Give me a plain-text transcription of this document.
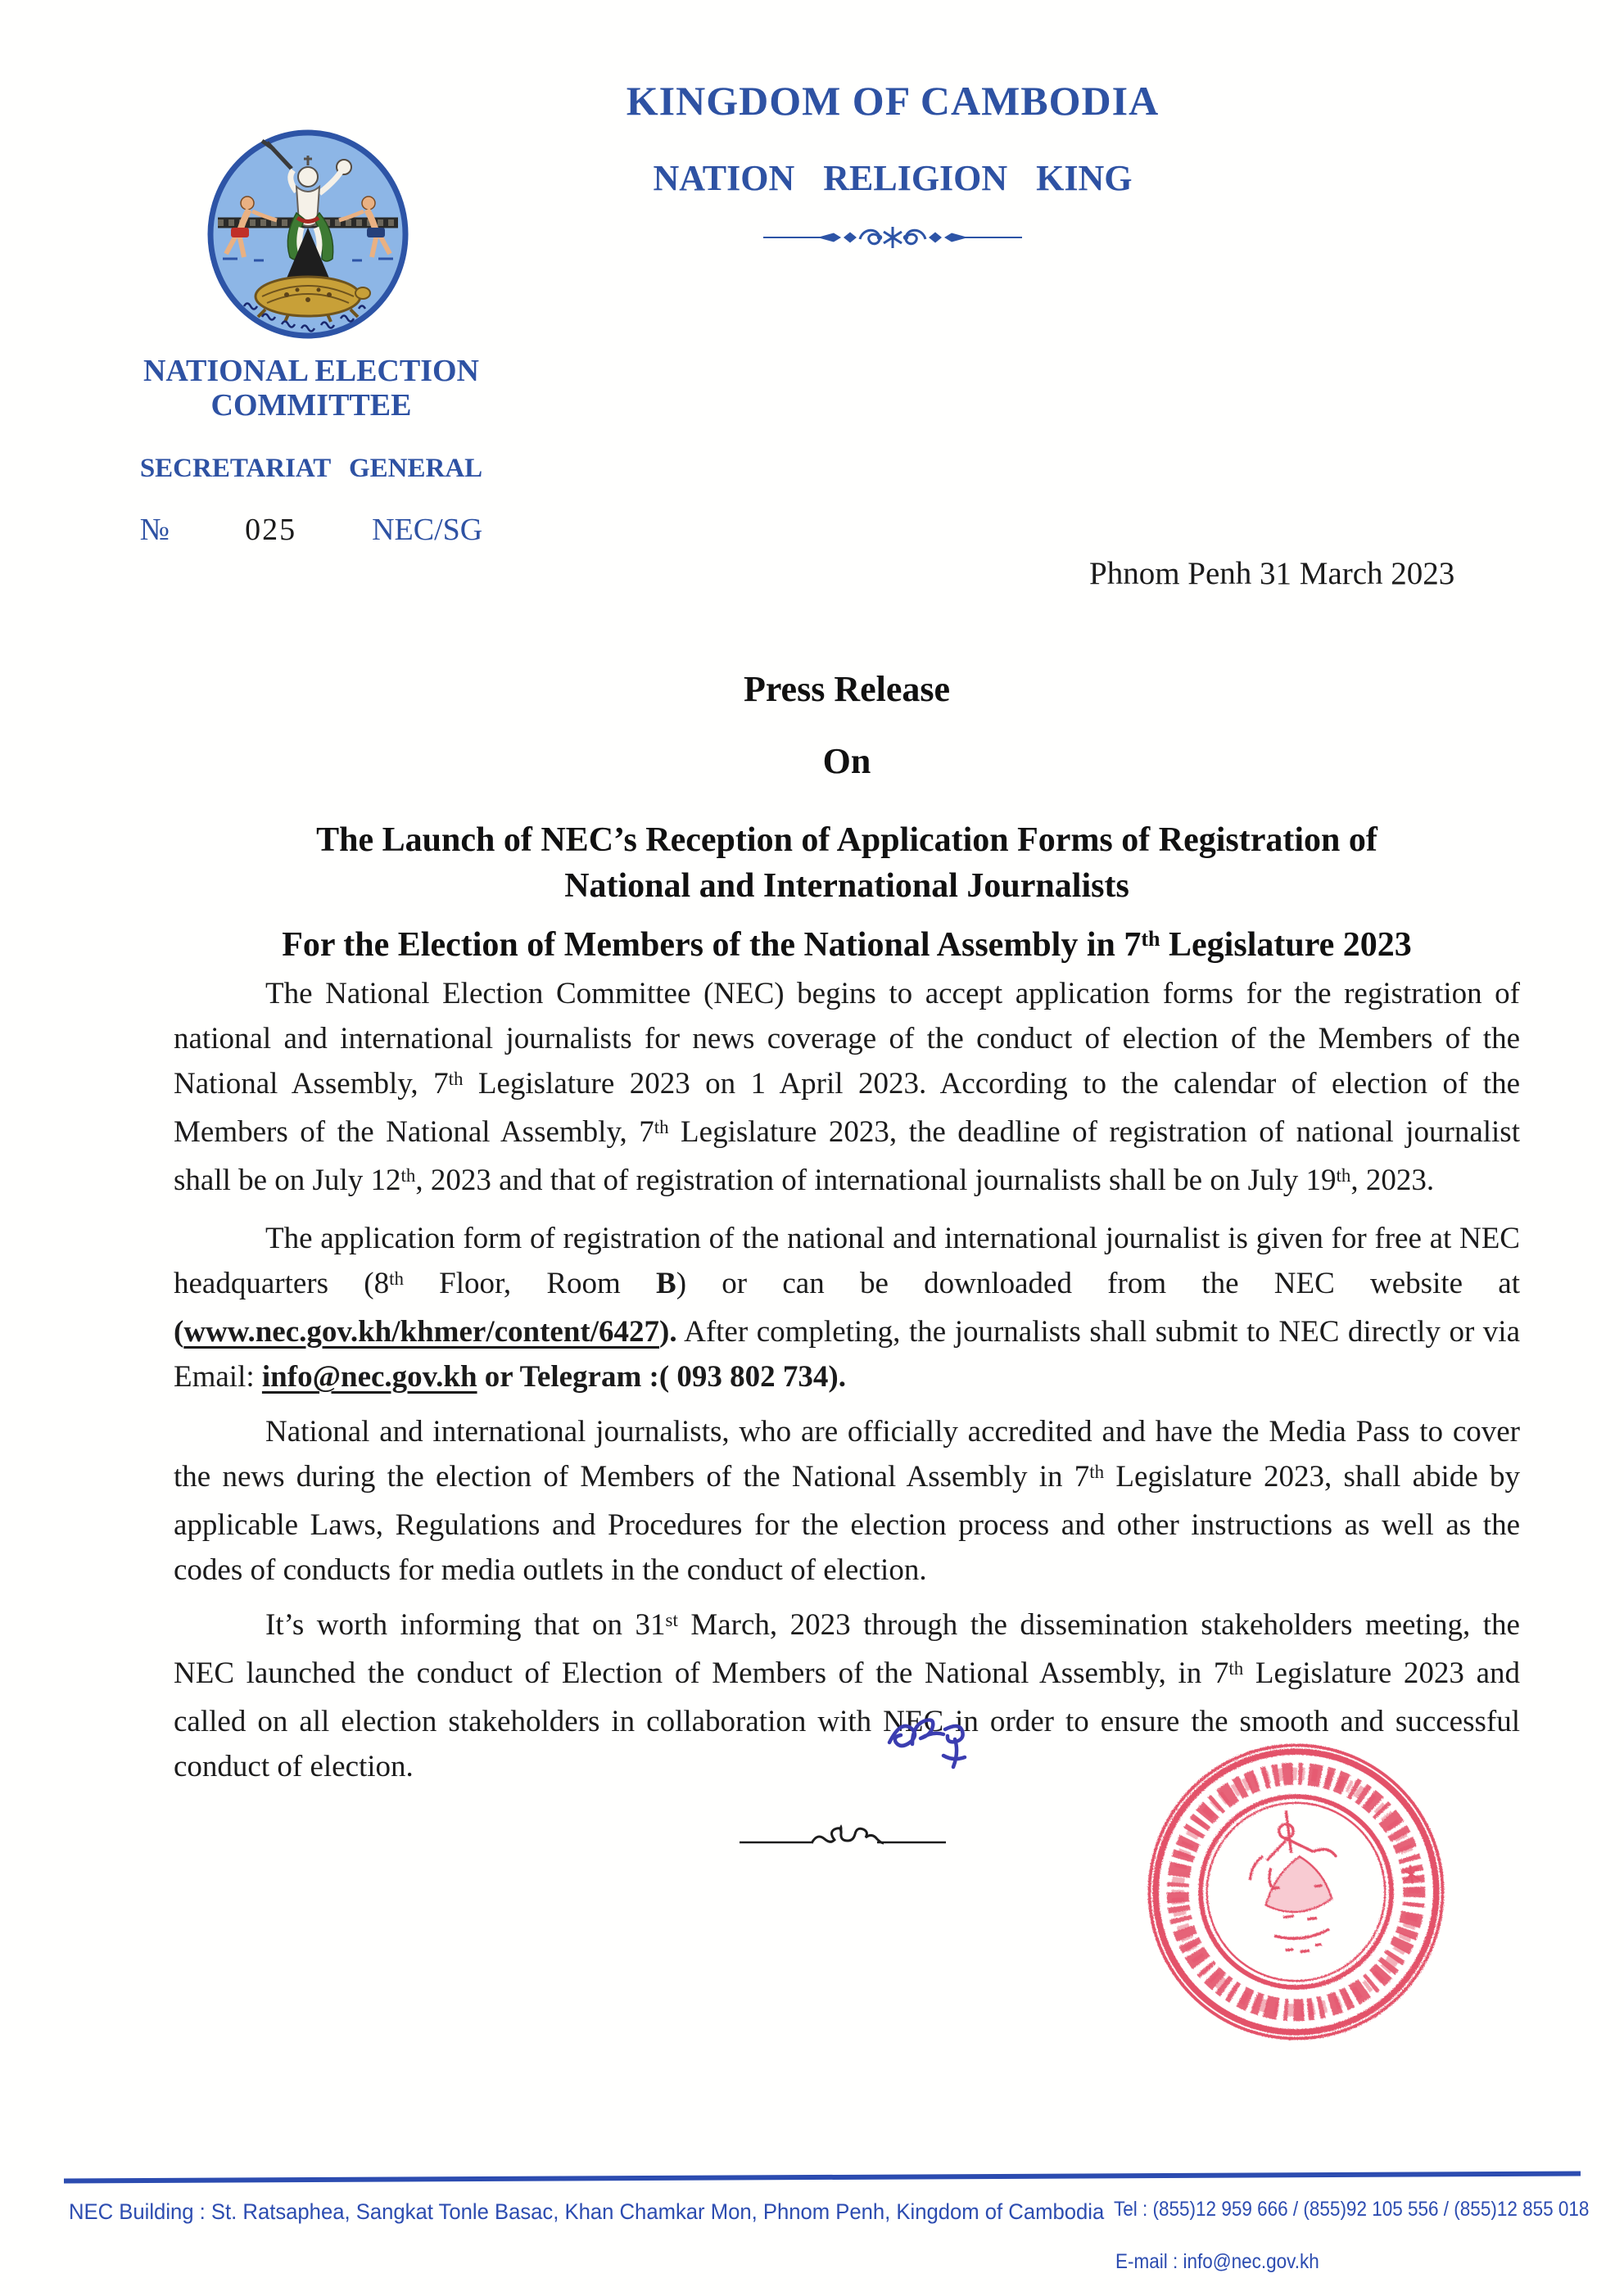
KINGDOM OF CAMBODIA
NATION RELIGION KING
NATIONAL ELECTION COMMITTEE
SECRETARIAT GENERAL
№ 025 NEC/SG
Phnom Penh 31 March 2023
Press Release
On
The Launch of NEC’s Reception of Application Forms of Registration of
National and International Journalists
For the Election of Members of the National Assembly in 7th Legislature 2023

The National Election Committee (NEC) begins to accept application forms for the registration of national and international journalists for news coverage of the conduct of election of the Members of the National Assembly, 7th Legislature 2023 on 1 April 2023. According to the calendar of election of the Members of the National Assembly, 7th Legislature 2023, the deadline of registration of national journalist shall be on July 12th, 2023 and that of registration of international journalists shall be on July 19th, 2023.

The application form of registration of the national and international journalist is given for free at NEC headquarters (8th Floor, Room B) or can be downloaded from the NEC website at (www.nec.gov.kh/khmer/content/6427). After completing, the journalists shall submit to NEC directly or via Email: info@nec.gov.kh or Telegram :( 093 802 734).

National and international journalists, who are officially accredited and have the Media Pass to cover the news during the election of Members of the National Assembly in 7th Legislature 2023, shall abide by applicable Laws, Regulations and Procedures for the election process and other instructions as well as the codes of conducts for media outlets in the conduct of election.

It’s worth informing that on 31st March, 2023 through the dissemination stakeholders meeting, the NEC launched the conduct of Election of Members of the National Assembly, in 7th Legislature 2023 and called on all election stakeholders in collaboration with NEC in order to ensure the smooth and successful conduct of election.

NEC Building : St. Ratsaphea, Sangkat Tonle Basac, Khan Chamkar Mon, Phnom Penh, Kingdom of Cambodia Tel : (855)12 959 666 / (855)92 105 556 / (855)12 855 018
E-mail : info@nec.gov.kh
